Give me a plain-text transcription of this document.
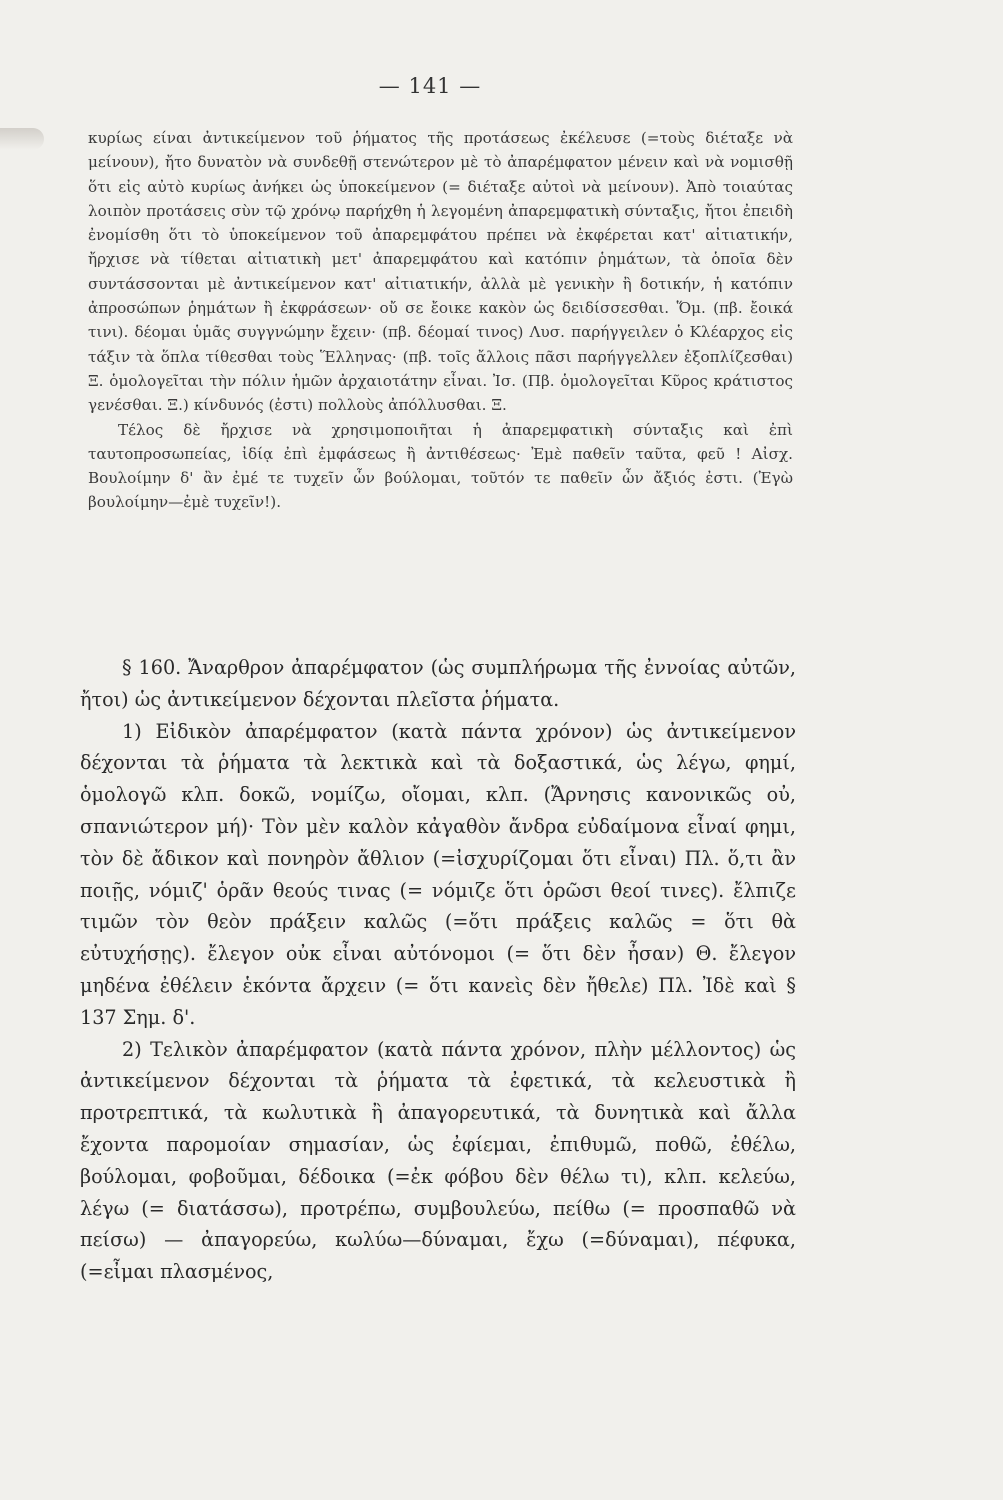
— 141 —

κυρίως είναι ἀντικείμενον τοῦ ῥήματος τῆς προτάσεως ἐκέλευσε (=τοὺς διέταξε νὰ μείνουν), ἤτο δυνατὸν νὰ συνδεθῇ στενώτερον μὲ τὸ ἀπαρέμφατον μένειν καὶ νὰ νομισθῇ ὅτι εἰς αὐτὸ κυρίως ἀνήκει ὡς ὑποκείμενον (= διέταξε αὐτοὶ νὰ μείνουν). Ἀπὸ τοιαύτας λοιπὸν προτάσεις σὺν τῷ χρόνῳ παρήχθη ἡ λεγομένη ἀπαρεμφατικὴ σύνταξις, ἤτοι ἐπειδὴ ἐνομίσθη ὅτι τὸ ὑποκείμενον τοῦ ἀπαρεμφάτου πρέπει νὰ ἐκφέρεται κατ' αἰτιατικήν, ἤρχισε νὰ τίθεται αἰτιατικὴ μετ' ἀπαρεμφάτου καὶ κατόπιν ῥημάτων, τὰ ὁποῖα δὲν συντάσσονται μὲ ἀντικείμενον κατ' αἰτιατικήν, ἀλλὰ μὲ γενικὴν ἢ δοτικήν, ἡ κατόπιν ἀπροσώπων ῥημάτων ἢ ἐκφράσεων· οὔ σε ἔοικε κακὸν ὡς δειδίσσεσθαι. Ὅμ. (πβ. ἔοικά τινι). δέομαι ὑμᾶς συγγνώμην ἔχειν· (πβ. δέομαί τινος) Λυσ. παρήγγειλεν ὁ Κλέαρχος εἰς τάξιν τὰ ὅπλα τίθεσθαι τοὺς Ἕλληνας· (πβ. τοῖς ἄλλοις πᾶσι παρήγγελλεν ἐξοπλίζεσθαι) Ξ. ὁμολογεῖται τὴν πόλιν ἡμῶν ἀρχαιοτάτην εἶναι. Ἰσ. (Πβ. ὁμολογεῖται Κῦρος κράτιστος γενέσθαι. Ξ.) κίνδυνός (ἐστι) πολλοὺς ἀπόλλυσθαι. Ξ.

Τέλος δὲ ἤρχισε νὰ χρησιμοποιῆται ἡ ἀπαρεμφατικὴ σύνταξις καὶ ἐπὶ ταυτοπροσωπείας, ἰδίᾳ ἐπὶ ἐμφάσεως ἢ ἀντιθέσεως· Ἐμὲ παθεῖν ταῦτα, φεῦ ! Αἰσχ. Βουλοίμην δ' ἂν ἐμέ τε τυχεῖν ὧν βούλομαι, τοῦτόν τε παθεῖν ὧν ἄξιός ἐστι. (Ἐγὼ βουλοίμην—ἐμὲ τυχεῖν!).

§ 160. Ἄναρθρον ἀπαρέμφατον (ὡς συμπλήρωμα τῆς ἐννοίας αὐτῶν, ἤτοι) ὡς ἀντικείμενον δέχονται πλεῖστα ῥήματα.

1) Εἰδικὸν ἀπαρέμφατον (κατὰ πάντα χρόνον) ὡς ἀντικείμενον δέχονται τὰ ῥήματα τὰ λεκτικὰ καὶ τὰ δοξαστικά, ὡς λέγω, φημί, ὁμολογῶ κλπ. δοκῶ, νομίζω, οἴομαι, κλπ. (Ἄρνησις κανονικῶς οὐ, σπανιώτερον μή)· Τὸν μὲν καλὸν κἀγαθὸν ἄνδρα εὐδαίμονα εἶναί φημι, τὸν δὲ ἄδικον καὶ πονηρὸν ἄθλιον (=ἰσχυρίζομαι ὅτι εἶναι) Πλ. ὅ,τι ἂν ποιῇς, νόμιζ' ὁρᾶν θεούς τινας (= νόμιζε ὅτι ὁρῶσι θεοί τινες). ἔλπιζε τιμῶν τὸν θεὸν πράξειν καλῶς (=ὅτι πράξεις καλῶς = ὅτι θὰ εὐτυχήσῃς). ἔλεγον οὐκ εἶναι αὐτόνομοι (= ὅτι δὲν ἦσαν) Θ. ἔλεγον μηδένα ἐθέλειν ἑκόντα ἄρχειν (= ὅτι κανεὶς δὲν ἤθελε) Πλ. Ἰδὲ καὶ § 137 Σημ. δ'.

2) Τελικὸν ἀπαρέμφατον (κατὰ πάντα χρόνον, πλὴν μέλλοντος) ὡς ἀντικείμενον δέχονται τὰ ῥήματα τὰ ἐφετικά, τὰ κελευστικὰ ἢ προτρεπτικά, τὰ κωλυτικὰ ἢ ἀπαγορευτικά, τὰ δυνητικὰ καὶ ἄλλα ἔχοντα παρομοίαν σημασίαν, ὡς ἐφίεμαι, ἐπιθυμῶ, ποθῶ, ἐθέλω, βούλομαι, φοβοῦμαι, δέδοικα (=ἐκ φόβου δὲν θέλω τι), κλπ. κελεύω, λέγω (= διατάσσω), προτρέπω, συμβουλεύω, πείθω (= προσπαθῶ νὰ πείσω) — ἀπαγορεύω, κωλύω—δύναμαι, ἔχω (=δύναμαι), πέφυκα, (=εἶμαι πλασμένος,
